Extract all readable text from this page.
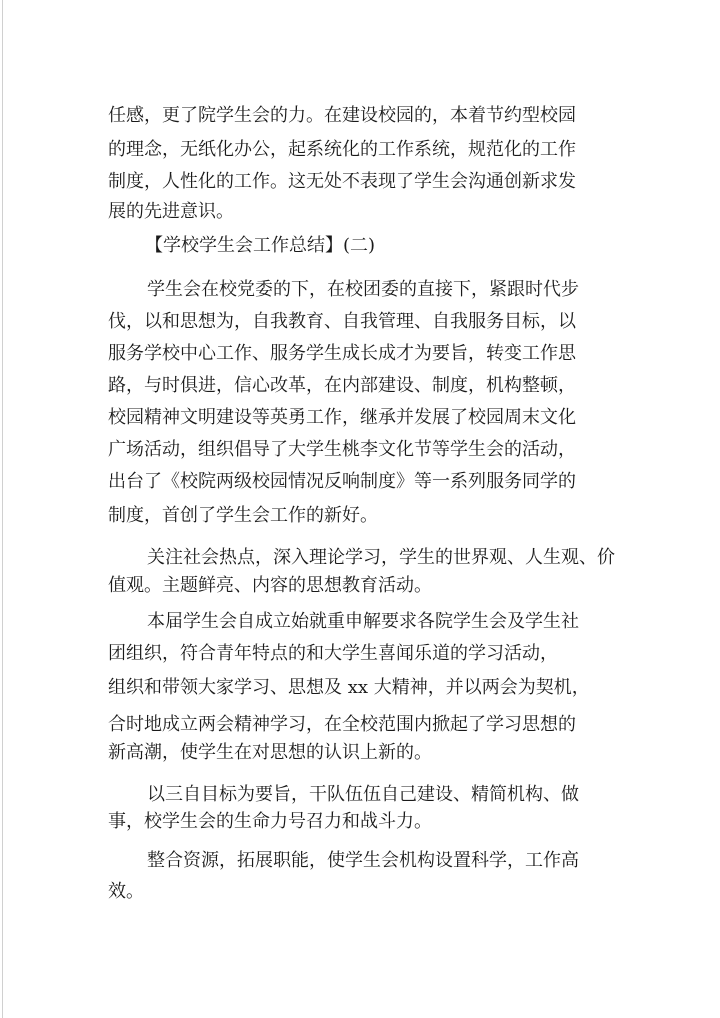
任感，更了院学生会的力。在建设校园的，本着节约型校园

的理念，无纸化办公，起系统化的工作系统，规范化的工作

制度，人性化的工作。这无处不表现了学生会沟通创新求发

展的先进意识。

【学校学生会工作总结】(二)

学生会在校党委的下，在校团委的直接下，紧跟时代步

伐，以和思想为，自我教育、自我管理、自我服务目标，以

服务学校中心工作、服务学生成长成才为要旨，转变工作思

路，与时俱进，信心改革，在内部建设、制度，机构整顿，

校园精神文明建设等英勇工作，继承并发展了校园周末文化

广场活动，组织倡导了大学生桃李文化节等学生会的活动，

出台了《校院两级校园情况反响制度》等一系列服务同学的

制度，首创了学生会工作的新好。

关注社会热点，深入理论学习，学生的世界观、人生观、价

值观。主题鲜亮、内容的思想教育活动。

本届学生会自成立始就重申解要求各院学生会及学生社

团组织，符合青年特点的和大学生喜闻乐道的学习活动，

组织和带领大家学习、思想及 xx 大精神，并以两会为契机，

合时地成立两会精神学习，在全校范围内掀起了学习思想的

新高潮，使学生在对思想的认识上新的。

以三自目标为要旨，干队伍伍自己建设、精简机构、做

事，校学生会的生命力号召力和战斗力。

整合资源，拓展职能，使学生会机构设置科学，工作高

效。
